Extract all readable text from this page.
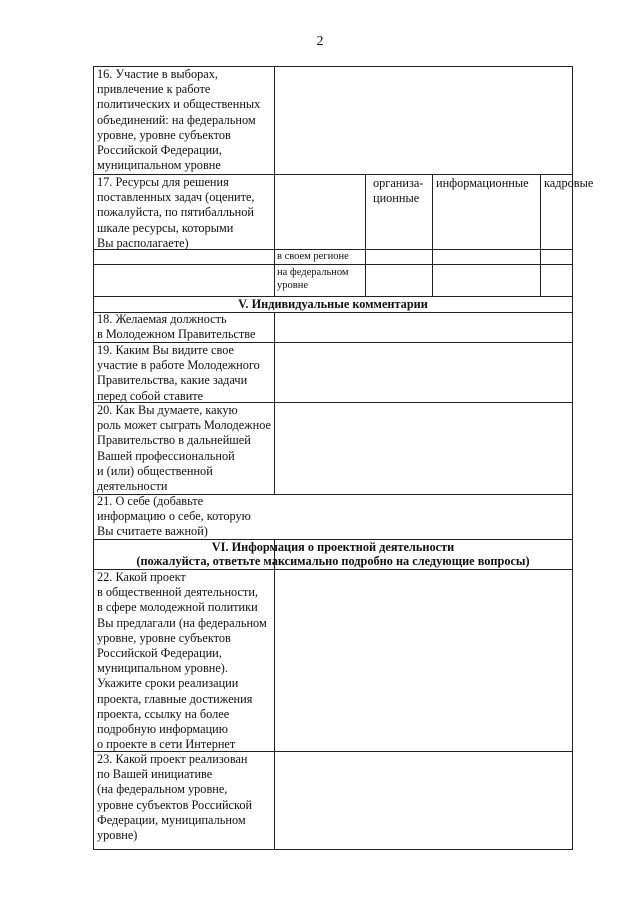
2
16. Участие в выборах,
привлечение к работе
политических и общественных
объединений: на федеральном
уровне, уровне субъектов
Российской Федерации,
муниципальном уровне
17. Ресурсы для решения
поставленных задач (оцените,
пожалуйста, по пятибалльной
шкале ресурсы, которыми
Вы располагаете)
организа-
ционные
информационные	кадровые
в своем регионе
на федеральном
уровне
V. Индивидуальные комментарии
18. Желаемая должность
в Молодежном Правительстве
19. Каким Вы видите свое
участие в работе Молодежного
Правительства, какие задачи
перед собой ставите
20. Как Вы думаете, какую
роль может сыграть Молодежное
Правительство в дальнейшей
Вашей профессиональной
и (или) общественной
деятельности
21. О себе (добавьте
информацию о себе, которую
Вы считаете важной)
VI. Информация о проектной деятельности
(пожалуйста, ответьте максимально подробно на следующие вопросы)
22. Какой проект
в общественной деятельности,
в сфере молодежной политики
Вы предлагали (на федеральном
уровне, уровне субъектов
Российской Федерации,
муниципальном уровне).
Укажите сроки реализации
проекта, главные достижения
проекта, ссылку на более
подробную информацию
о проекте в сети Интернет
23. Какой проект реализован
по Вашей инициативе
(на федеральном уровне,
уровне субъектов Российской
Федерации, муниципальном
уровне)
